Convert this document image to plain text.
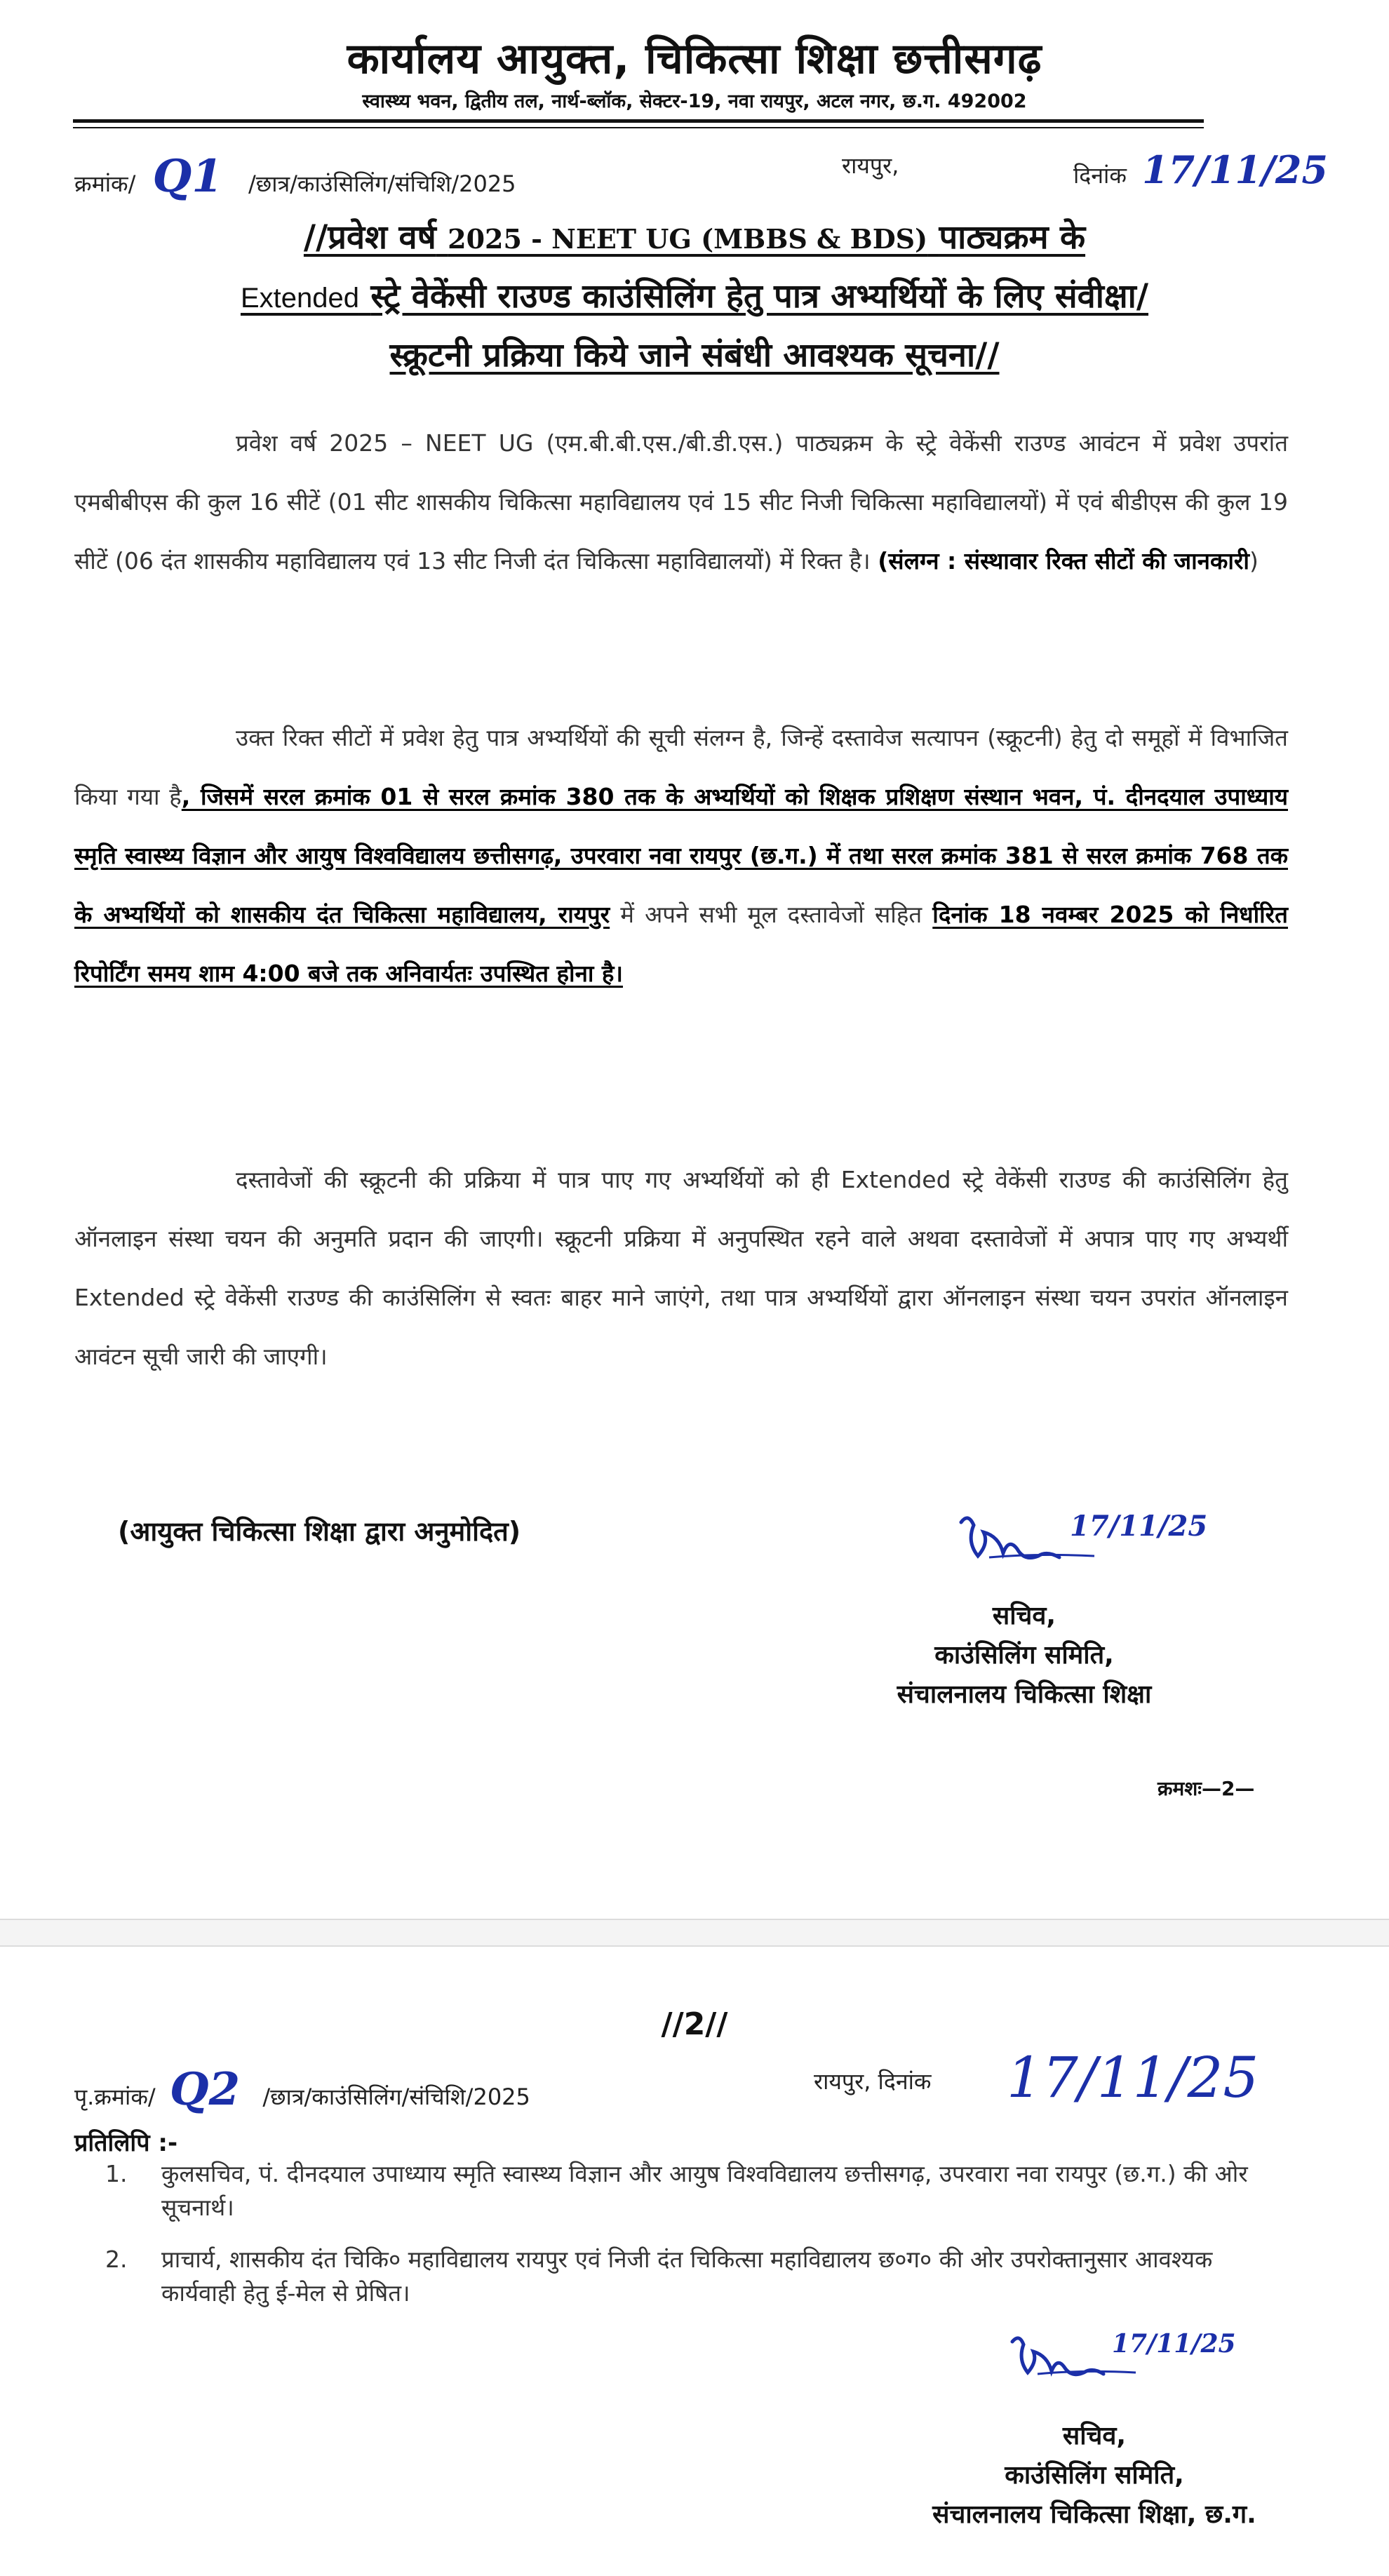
कार्यालय आयुक्त, चिकित्सा शिक्षा छत्तीसगढ़
स्वास्थ्य भवन, द्वितीय तल, नार्थ-ब्लॉक, सेक्टर-19, नवा रायपुर, अटल नगर, छ.ग. 492002
क्रमांक/ Q1 /छात्र/काउंसिलिंग/संचिशि/2025
रायपुर,	दिनांक 17/11/25
//प्रवेश वर्ष 2025 - NEET UG (MBBS & BDS) पाठ्यक्रम के
Extended स्ट्रे वेकेंसी राउण्ड काउंसिलिंग हेतु पात्र अभ्यर्थियों के लिए संवीक्षा/
स्क्रूटनी प्रक्रिया किये जाने संबंधी आवश्यक सूचना//
प्रवेश वर्ष 2025 – NEET UG (एम.बी.बी.एस./बी.डी.एस.) पाठ्यक्रम के स्ट्रे वेकेंसी राउण्ड आवंटन में प्रवेश उपरांत एमबीबीएस की कुल 16 सीटें (01 सीट शासकीय चिकित्सा महाविद्यालय एवं 15 सीट निजी चिकित्सा महाविद्यालयों) में एवं बीडीएस की कुल 19 सीटें (06 दंत शासकीय महाविद्यालय एवं 13 सीट निजी दंत चिकित्सा महाविद्यालयों) में रिक्त है। (संलग्न : संस्थावार रिक्त सीटों की जानकारी)
उक्त रिक्त सीटों में प्रवेश हेतु पात्र अभ्यर्थियों की सूची संलग्न है, जिन्हें दस्तावेज सत्यापन (स्क्रूटनी) हेतु दो समूहों में विभाजित किया गया है, जिसमें सरल क्रमांक 01 से सरल क्रमांक 380 तक के अभ्यर्थियों को शिक्षक प्रशिक्षण संस्थान भवन, पं. दीनदयाल उपाध्याय स्मृति स्वास्थ्य विज्ञान और आयुष विश्वविद्यालय छत्तीसगढ़, उपरवारा नवा रायपुर (छ.ग.) में तथा सरल क्रमांक 381 से सरल क्रमांक 768 तक के अभ्यर्थियों को शासकीय दंत चिकित्सा महाविद्यालय, रायपुर में अपने सभी मूल दस्तावेजों सहित दिनांक 18 नवम्बर 2025 को निर्धारित रिपोर्टिंग समय शाम 4:00 बजे तक अनिवार्यतः उपस्थित होना है।
दस्तावेजों की स्क्रूटनी की प्रक्रिया में पात्र पाए गए अभ्यर्थियों को ही Extended स्ट्रे वेकेंसी राउण्ड की काउंसिलिंग हेतु ऑनलाइन संस्था चयन की अनुमति प्रदान की जाएगी। स्क्रूटनी प्रक्रिया में अनुपस्थित रहने वाले अथवा दस्तावेजों में अपात्र पाए गए अभ्यर्थी Extended स्ट्रे वेकेंसी राउण्ड की काउंसिलिंग से स्वतः बाहर माने जाएंगे, तथा पात्र अभ्यर्थियों द्वारा ऑनलाइन संस्था चयन उपरांत ऑनलाइन आवंटन सूची जारी की जाएगी।
(आयुक्त चिकित्सा शिक्षा द्वारा अनुमोदित)	17/11/25
सचिव,
काउंसिलिंग समिति,
संचालनालय चिकित्सा शिक्षा
क्रमशः—2—
//2//
पृ.क्रमांक/ Q2 /छात्र/काउंसिलिंग/संचिशि/2025
रायपुर, दिनांक 17/11/25
प्रतिलिपि :-
1.	कुलसचिव, पं. दीनदयाल उपाध्याय स्मृति स्वास्थ्य विज्ञान और आयुष विश्वविद्यालय छत्तीसगढ़, उपरवारा नवा रायपुर (छ.ग.) की ओर सूचनार्थ।
2.	प्राचार्य, शासकीय दंत चिकि० महाविद्यालय रायपुर एवं निजी दंत चिकित्सा महाविद्यालय छ०ग० की ओर उपरोक्तानुसार आवश्यक कार्यवाही हेतु ई-मेल से प्रेषित।
17/11/25
सचिव,
काउंसिलिंग समिति,
संचालनालय चिकित्सा शिक्षा, छ.ग.
